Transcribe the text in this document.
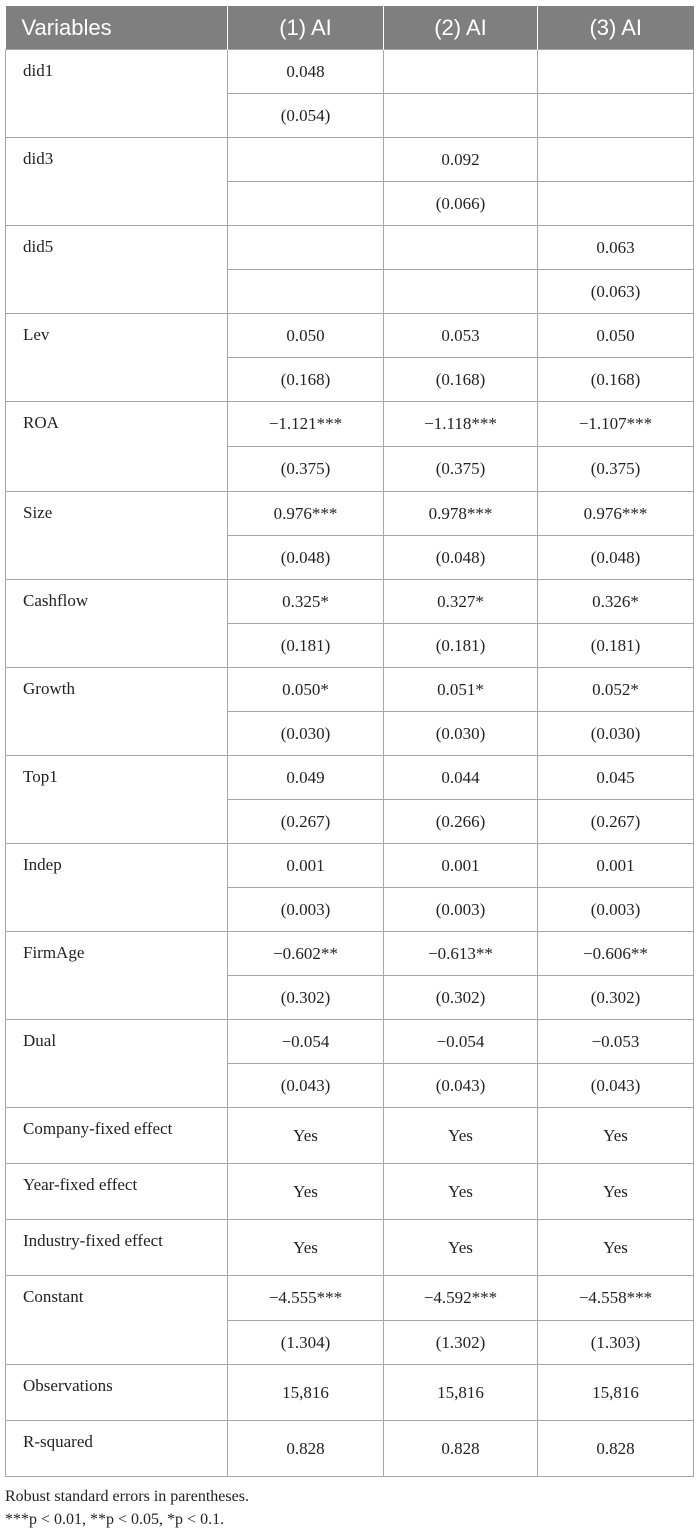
Variables	(1) AI	(2) AI	(3) AI
did1	0.048		
	(0.054)		
did3		0.092	
		(0.066)	
did5			0.063
			(0.063)
Lev	0.050	0.053	0.050
	(0.168)	(0.168)	(0.168)
ROA	−1.121***	−1.118***	−1.107***
	(0.375)	(0.375)	(0.375)
Size	0.976***	0.978***	0.976***
	(0.048)	(0.048)	(0.048)
Cashflow	0.325*	0.327*	0.326*
	(0.181)	(0.181)	(0.181)
Growth	0.050*	0.051*	0.052*
	(0.030)	(0.030)	(0.030)
Top1	0.049	0.044	0.045
	(0.267)	(0.266)	(0.267)
Indep	0.001	0.001	0.001
	(0.003)	(0.003)	(0.003)
FirmAge	−0.602**	−0.613**	−0.606**
	(0.302)	(0.302)	(0.302)
Dual	−0.054	−0.054	−0.053
	(0.043)	(0.043)	(0.043)
Company-fixed effect	Yes	Yes	Yes
Year-fixed effect	Yes	Yes	Yes
Industry-fixed effect	Yes	Yes	Yes
Constant	−4.555***	−4.592***	−4.558***
	(1.304)	(1.302)	(1.303)
Observations	15,816	15,816	15,816
R-squared	0.828	0.828	0.828
Robust standard errors in parentheses.
***p < 0.01, **p < 0.05, *p < 0.1.
